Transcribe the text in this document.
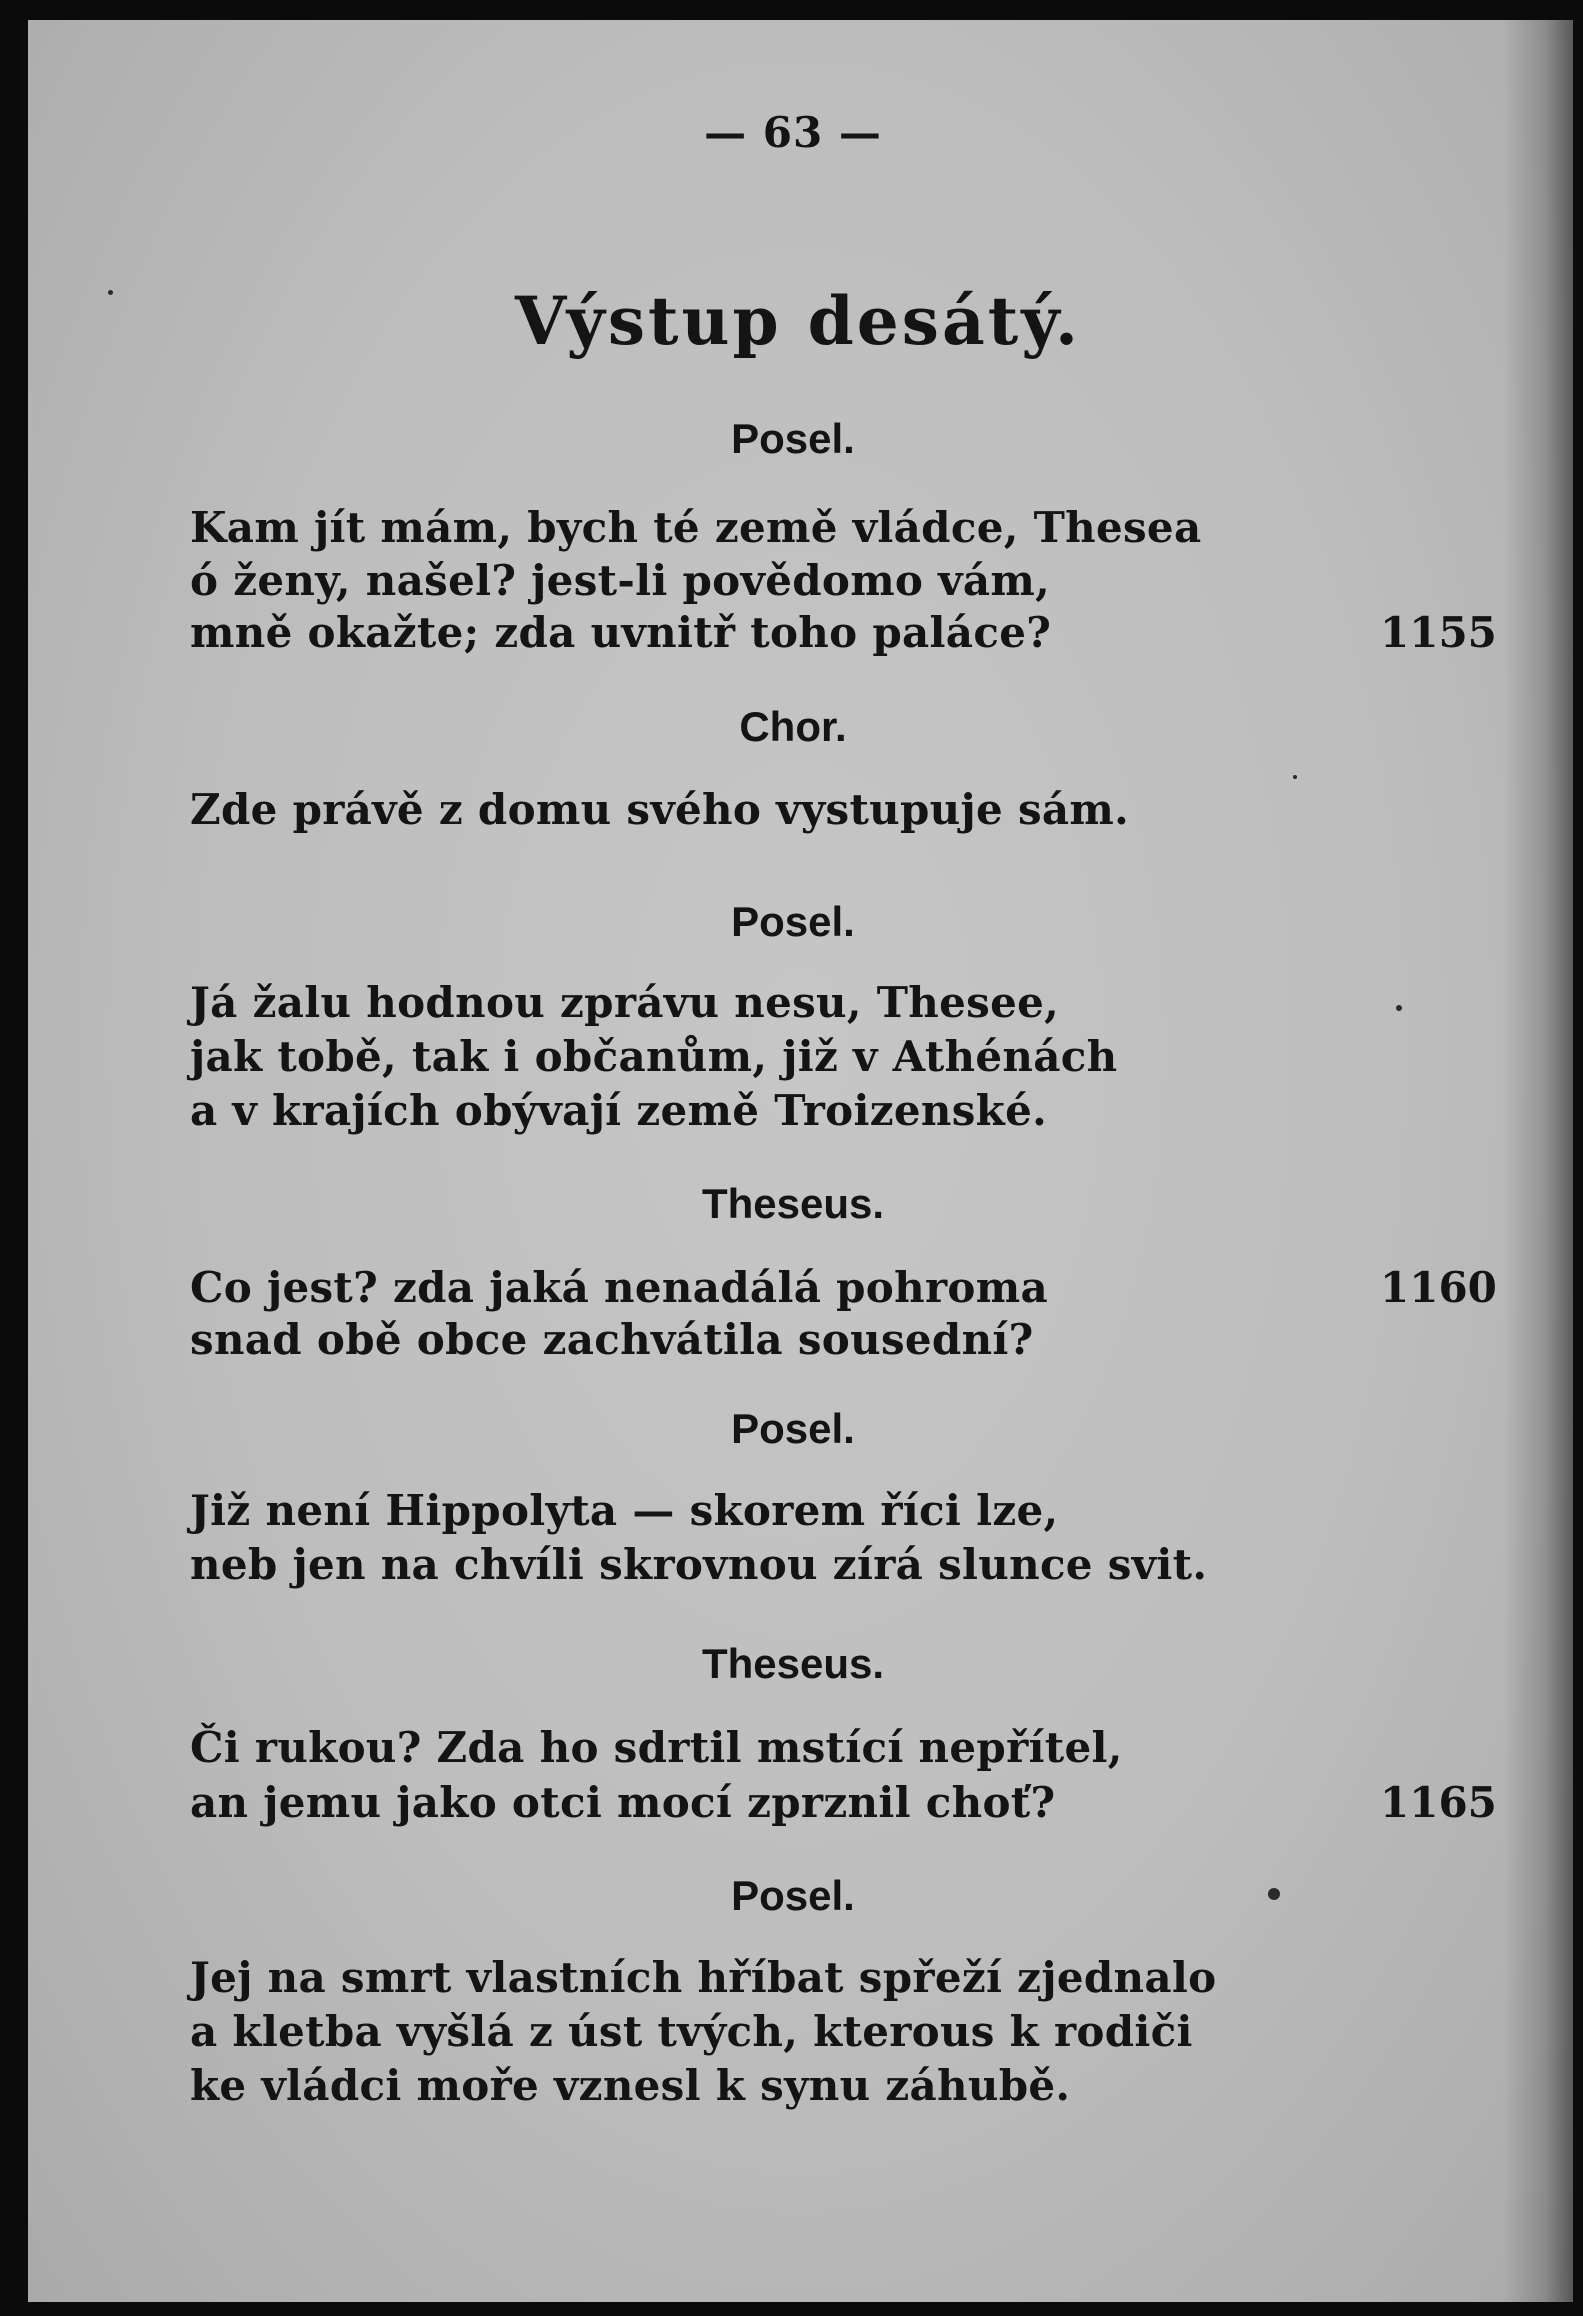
— 63 —
Výstup desátý.
Posel.
Kam jít mám, bych té země vládce, Thesea
ó ženy, našel? jest-li povědomo vám,
mně okažte; zda uvnitř toho paláce?	1155
Chor.
Zde právě z domu svého vystupuje sám.
Posel.
Já žalu hodnou zprávu nesu, Thesee,
jak tobě, tak i občanům, již v Athénách
a v krajích obývají země Troizenské.
Theseus.
Co jest? zda jaká nenadálá pohroma	1160
snad obě obce zachvátila sousední?
Posel.
Již není Hippolyta — skorem říci lze,
neb jen na chvíli skrovnou zírá slunce svit.
Theseus.
Či rukou? Zda ho sdrtil mstící nepřítel,
an jemu jako otci mocí zprznil choť?	1165
Posel.
Jej na smrt vlastních hříbat spřeží zjednalo
a kletba vyšlá z úst tvých, kterous k rodiči
ke vládci moře vznesl k synu záhubě.
